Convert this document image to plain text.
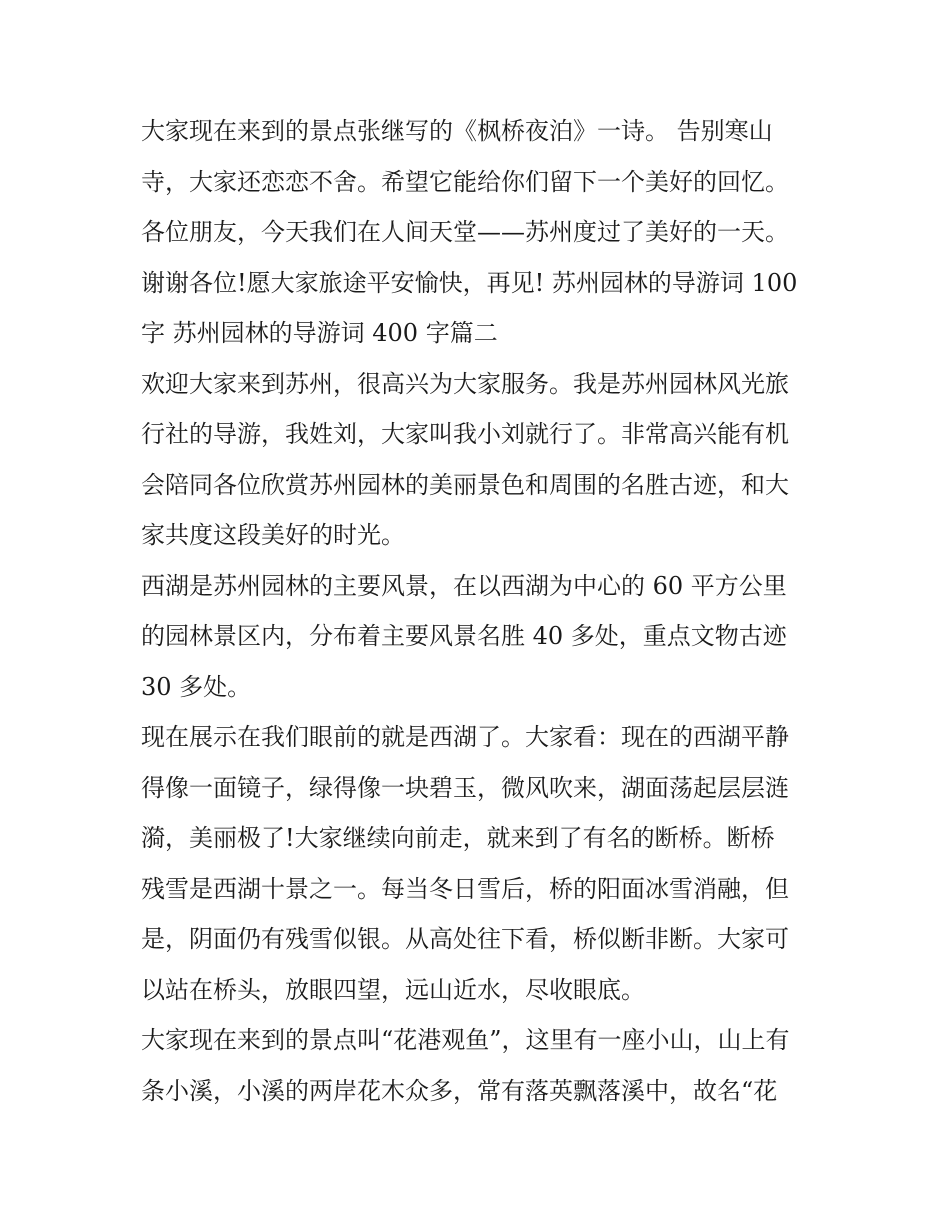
大家现在来到的景点张继写的《枫桥夜泊》一诗。 告别寒山
寺，大家还恋恋不舍。希望它能给你们留下一个美好的回忆。
各位朋友，今天我们在人间天堂——苏州度过了美好的一天。
谢谢各位!愿大家旅途平安愉快，再见! 苏州园林的导游词 100
字 苏州园林的导游词 400 字篇二
欢迎大家来到苏州，很高兴为大家服务。我是苏州园林风光旅
行社的导游，我姓刘，大家叫我小刘就行了。非常高兴能有机
会陪同各位欣赏苏州园林的美丽景色和周围的名胜古迹，和大
家共度这段美好的时光。
西湖是苏州园林的主要风景，在以西湖为中心的 60 平方公里
的园林景区内，分布着主要风景名胜 40 多处，重点文物古迹
30 多处。
现在展示在我们眼前的就是西湖了。大家看：现在的西湖平静
得像一面镜子，绿得像一块碧玉，微风吹来，湖面荡起层层涟
漪，美丽极了!大家继续向前走，就来到了有名的断桥。断桥
残雪是西湖十景之一。每当冬日雪后，桥的阳面冰雪消融，但
是，阴面仍有残雪似银。从高处往下看，桥似断非断。大家可
以站在桥头，放眼四望，远山近水，尽收眼底。
大家现在来到的景点叫“花港观鱼”，这里有一座小山，山上有
条小溪，小溪的两岸花木众多，常有落英飘落溪中，故名“花
